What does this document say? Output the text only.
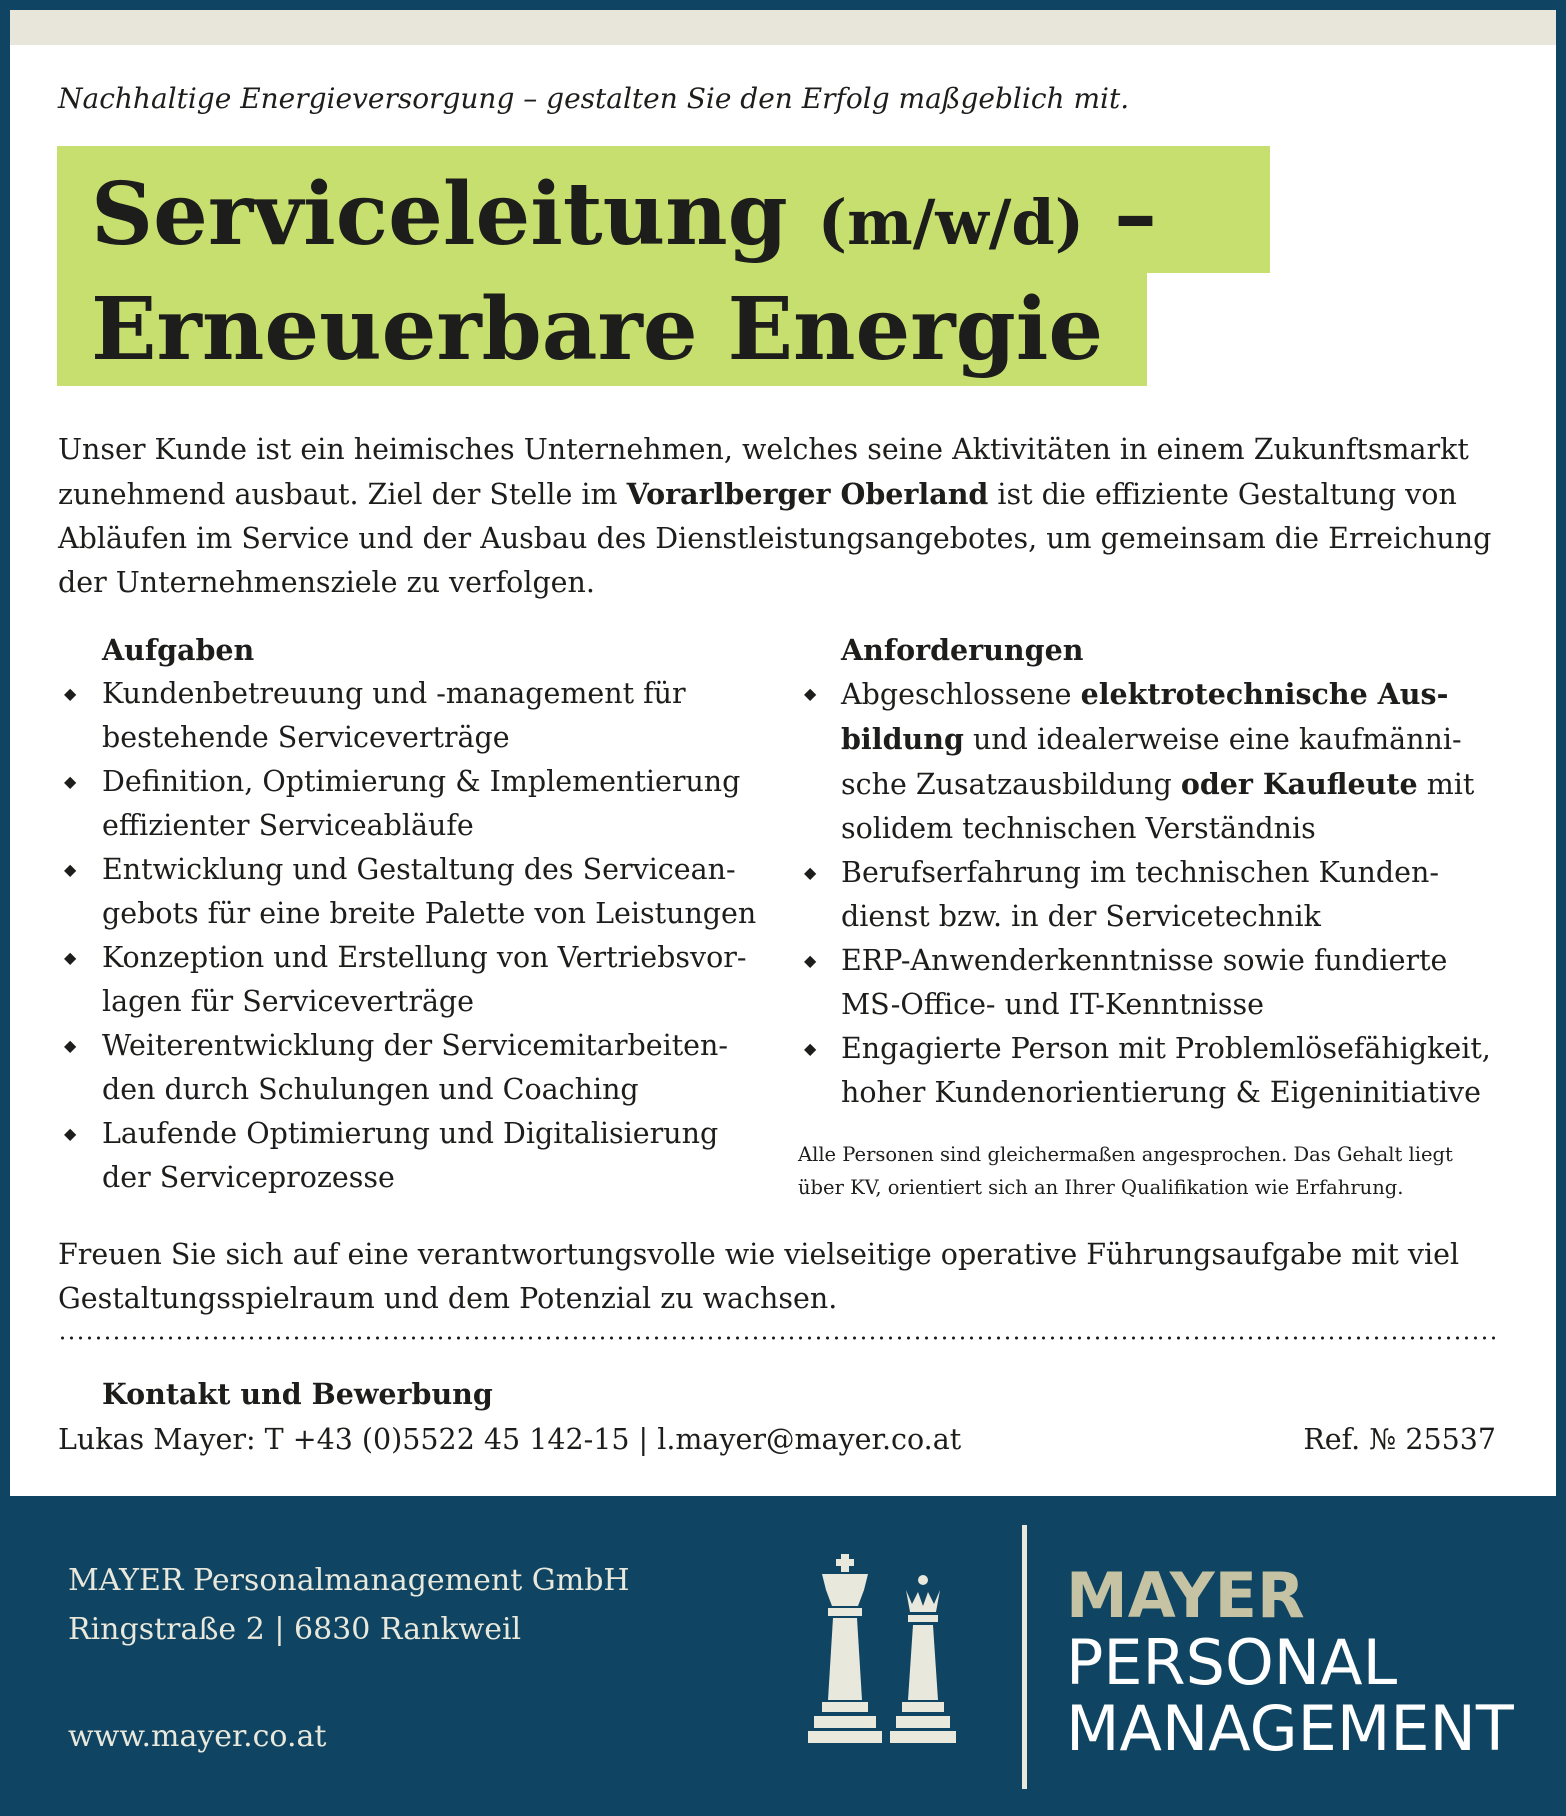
Nachhaltige Energieversorgung – gestalten Sie den Erfolg maßgeblich mit.
Serviceleitung (m/w/d) –
Erneuerbare Energie

Unser Kunde ist ein heimisches Unternehmen, welches seine Aktivitäten in einem Zukunftsmarkt zunehmend ausbaut. Ziel der Stelle im Vorarlberger Oberland ist die effiziente Gestaltung von Abläufen im Service und der Ausbau des Dienstleistungsangebotes, um gemeinsam die Erreichung der Unternehmensziele zu verfolgen.

Aufgaben
◆ Kundenbetreuung und -management für bestehende Serviceverträge
◆ Definition, Optimierung & Implementierung effizienter Serviceabläufe
◆ Entwicklung und Gestaltung des Serviceangebots für eine breite Palette von Leistungen
◆ Konzeption und Erstellung von Vertriebsvorlagen für Serviceverträge
◆ Weiterentwicklung der Servicemitarbeitenden durch Schulungen und Coaching
◆ Laufende Optimierung und Digitalisierung der Serviceprozesse
Anforderungen
◆ Abgeschlossene elektrotechnische Ausbildung und idealerweise eine kaufmännische Zusatzausbildung oder Kaufleute mit solidem technischen Verständnis
◆ Berufserfahrung im technischen Kundendienst bzw. in der Servicetechnik
◆ ERP-Anwenderkenntnisse sowie fundierte MS-Office- und IT-Kenntnisse
◆ Engagierte Person mit Problemlösefähigkeit, hoher Kundenorientierung & Eigeninitiative

Alle Personen sind gleichermaßen angesprochen. Das Gehalt liegt über KV, orientiert sich an Ihrer Qualifikation wie Erfahrung.

Freuen Sie sich auf eine verantwortungsvolle wie vielseitige operative Führungsaufgabe mit viel Gestaltungsspielraum und dem Potenzial zu wachsen.

Kontakt und Bewerbung
Lukas Mayer: T +43 (0)5522 45 142-15 | l.mayer@mayer.co.at	Ref. № 25537
MAYER Personalmanagement GmbH
Ringstraße 2 | 6830 Rankweil
www.mayer.co.at
MAYER
PERSONAL
MANAGEMENT
